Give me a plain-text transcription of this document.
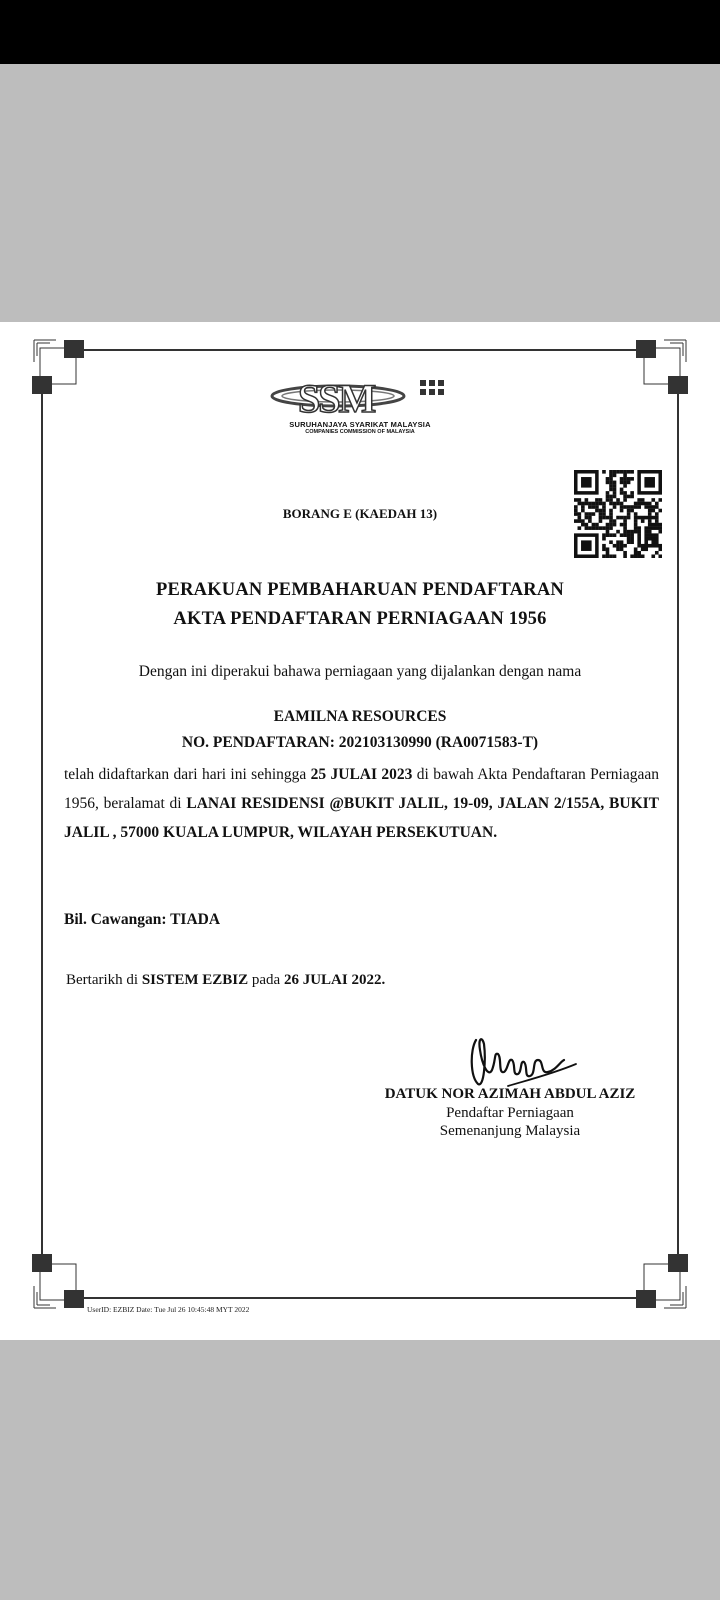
SSM
SURUHANJAYA SYARIKAT MALAYSIA
COMPANIES COMMISSION OF MALAYSIA
BORANG E (KAEDAH 13)
PERAKUAN PEMBAHARUAN PENDAFTARAN
AKTA PENDAFTARAN PERNIAGAAN 1956
Dengan ini diperakui bahawa perniagaan yang dijalankan dengan nama
EAMILNA RESOURCES
NO. PENDAFTARAN: 202103130990 (RA0071583-T)
telah didaftarkan dari hari ini sehingga 25 JULAI 2023 di bawah Akta Pendaftaran Perniagaan 1956, beralamat di LANAI RESIDENSI @BUKIT JALIL, 19-09, JALAN 2/155A, BUKIT JALIL , 57000 KUALA LUMPUR, WILAYAH PERSEKUTUAN.
Bil. Cawangan: TIADA
Bertarikh di SISTEM EZBIZ pada 26 JULAI 2022.
DATUK NOR AZIMAH ABDUL AZIZ
Pendaftar Perniagaan
Semenanjung Malaysia
UserID: EZBIZ Date: Tue Jul 26 10:45:48 MYT 2022
